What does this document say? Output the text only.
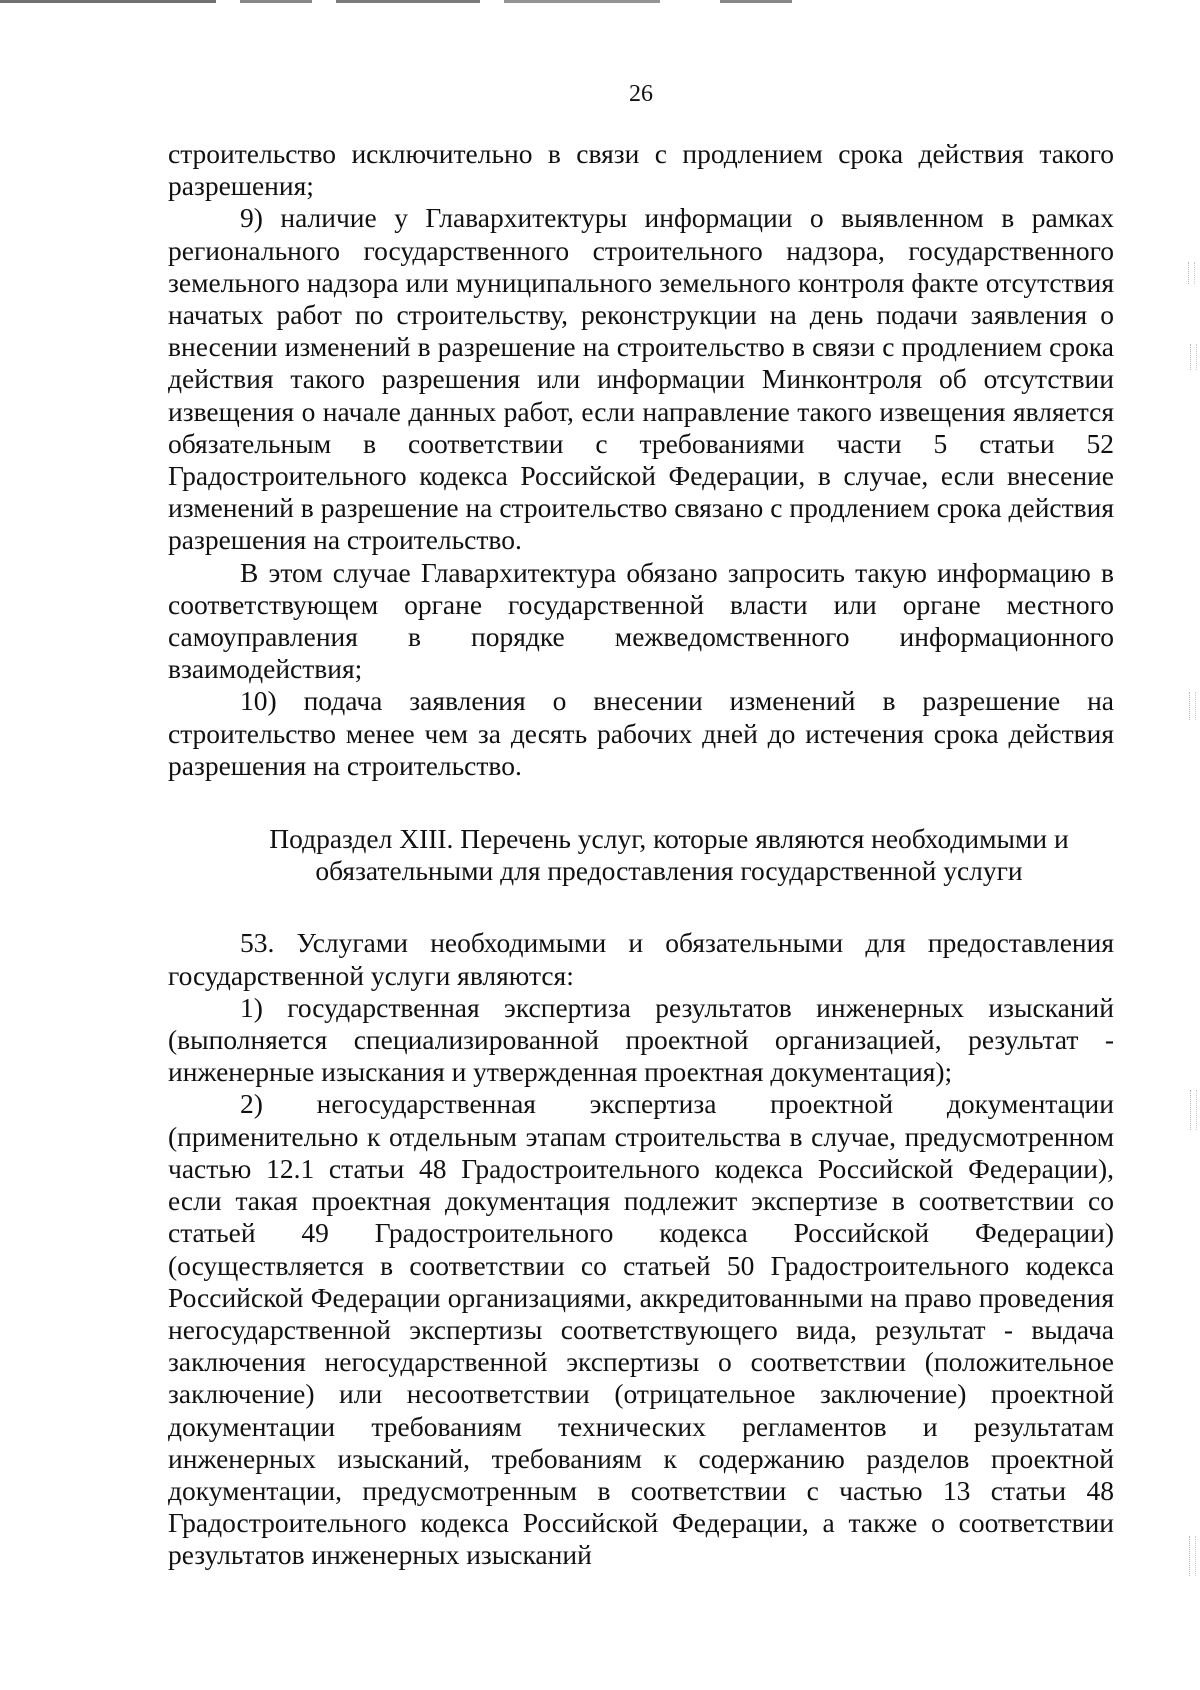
26

строительство исключительно в связи с продлением срока действия такого разрешения;

9) наличие у Главархитектуры информации о выявленном в рамках регионального государственного строительного надзора, государственного земельного надзора или муниципального земельного контроля факте отсутствия начатых работ по строительству, реконструкции на день подачи заявления о внесении изменений в разрешение на строительство в связи с продлением срока действия такого разрешения или информации Минконтроля об отсутствии извещения о начале данных работ, если направление такого извещения является обязательным в соответствии с требованиями части 5 статьи 52 Градостроительного кодекса Российской Федерации, в случае, если внесение изменений в разрешение на строительство связано с продлением срока действия разрешения на строительство.

В этом случае Главархитектура обязано запросить такую информацию в соответствующем органе государственной власти или органе местного самоуправления в порядке межведомственного информационного взаимодействия;

10) подача заявления о внесении изменений в разрешение на строительство менее чем за десять рабочих дней до истечения срока действия разрешения на строительство.

Подраздел XIII. Перечень услуг, которые являются необходимыми и
обязательными для предоставления государственной услуги

53. Услугами необходимыми и обязательными для предоставления государственной услуги являются:

1) государственная экспертиза результатов инженерных изысканий (выполняется специализированной проектной организацией, результат - инженерные изыскания и утвержденная проектная документация);

2) негосударственная экспертиза проектной документации (применительно к отдельным этапам строительства в случае, предусмотренном частью 12.1 статьи 48 Градостроительного кодекса Российской Федерации), если такая проектная документация подлежит экспертизе в соответствии со статьей 49 Градостроительного кодекса Российской Федерации) (осуществляется в соответствии со статьей 50 Градостроительного кодекса Российской Федерации организациями, аккредитованными на право проведения негосударственной экспертизы соответствующего вида, результат - выдача заключения негосударственной экспертизы о соответствии (положительное заключение) или несоответствии (отрицательное заключение) проектной документации требованиям технических регламентов и результатам инженерных изысканий, требованиям к содержанию разделов проектной документации, предусмотренным в соответствии с частью 13 статьи 48 Градостроительного кодекса Российской Федерации, а также о соответствии результатов инженерных изысканий
